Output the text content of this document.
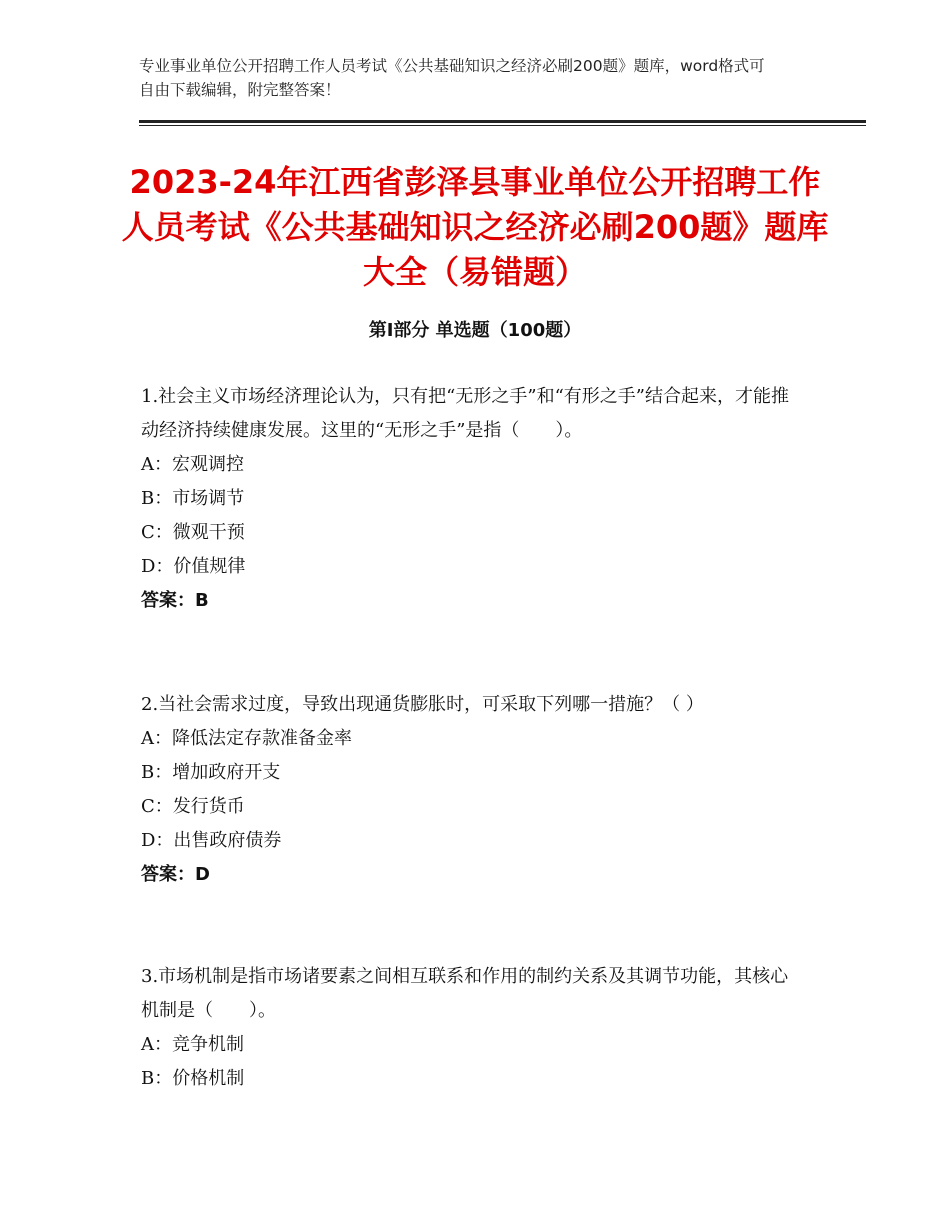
专业事业单位公开招聘工作人员考试《公共基础知识之经济必刷200题》题库，word格式可自由下载编辑，附完整答案！
2023-24年江西省彭泽县事业单位公开招聘工作人员考试《公共基础知识之经济必刷200题》题库大全（易错题）
第Ⅰ部分 单选题（100题）
1.社会主义市场经济理论认为，只有把“无形之手”和“有形之手”结合起来，才能推动经济持续健康发展。这里的“无形之手”是指（　　）。
A：宏观调控
B：市场调节
C：微观干预
D：价值规律
答案：B
2.当社会需求过度，导致出现通货膨胀时，可采取下列哪一措施？（ ）
A：降低法定存款准备金率
B：增加政府开支
C：发行货币
D：出售政府债券
答案：D
3.市场机制是指市场诸要素之间相互联系和作用的制约关系及其调节功能，其核心机制是（　　）。
A：竞争机制
B：价格机制
